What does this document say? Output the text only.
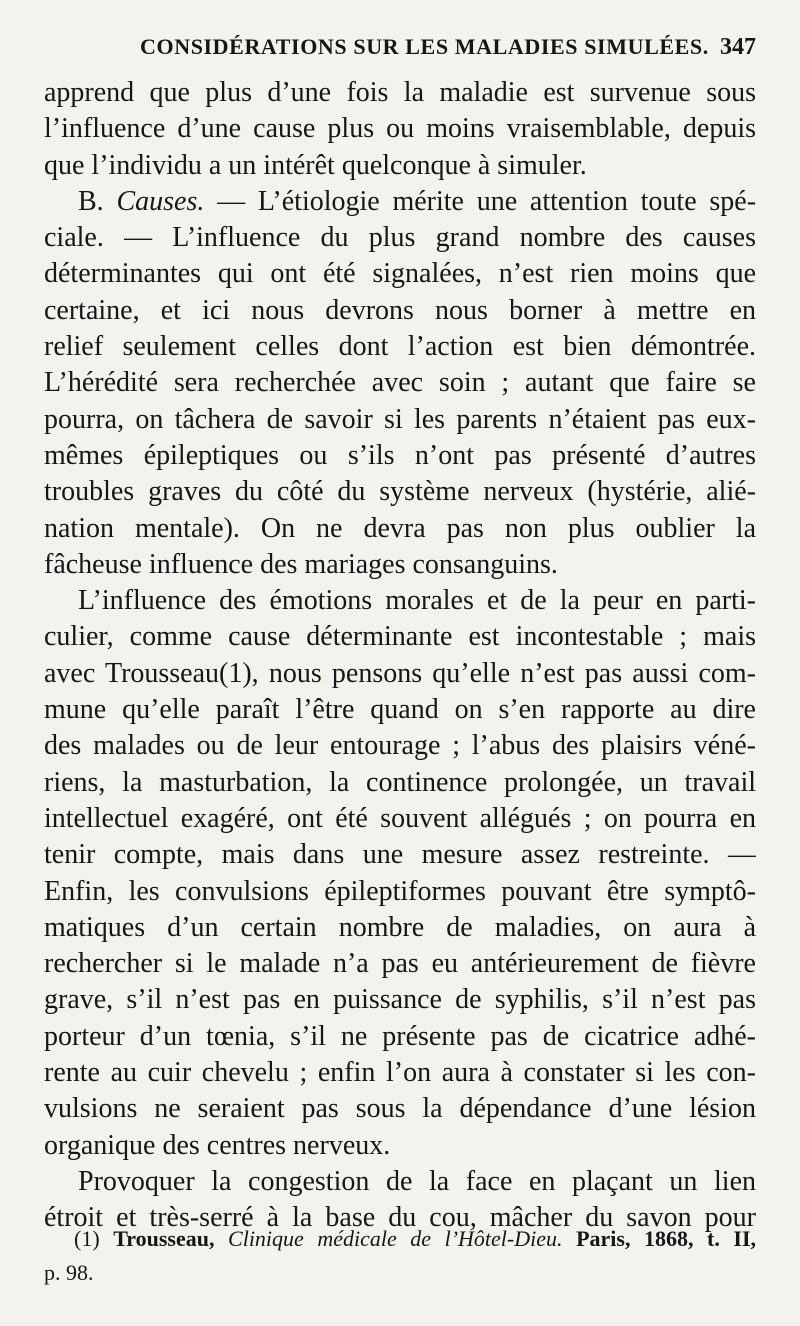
CONSIDÉRATIONS SUR LES MALADIES SIMULÉES. 347
apprend que plus d’une fois la maladie est survenue sous
l’influence d’une cause plus ou moins vraisemblable, depuis
que l’individu a un intérêt quelconque à simuler.
B. Causes. — L’étiologie mérite une attention toute spé-
ciale. — L’influence du plus grand nombre des causes
déterminantes qui ont été signalées, n’est rien moins que
certaine, et ici nous devrons nous borner à mettre en
relief seulement celles dont l’action est bien démontrée.
L’hérédité sera recherchée avec soin ; autant que faire se
pourra, on tâchera de savoir si les parents n’étaient pas eux-
mêmes épileptiques ou s’ils n’ont pas présenté d’autres
troubles graves du côté du système nerveux (hystérie, alié-
nation mentale). On ne devra pas non plus oublier la
fâcheuse influence des mariages consanguins.
L’influence des émotions morales et de la peur en parti-
culier, comme cause déterminante est incontestable ; mais
avec Trousseau(1), nous pensons qu’elle n’est pas aussi com-
mune qu’elle paraît l’être quand on s’en rapporte au dire
des malades ou de leur entourage ; l’abus des plaisirs véné-
riens, la masturbation, la continence prolongée, un travail
intellectuel exagéré, ont été souvent allégués ; on pourra en
tenir compte, mais dans une mesure assez restreinte. —
Enfin, les convulsions épileptiformes pouvant être symptô-
matiques d’un certain nombre de maladies, on aura à
rechercher si le malade n’a pas eu antérieurement de fièvre
grave, s’il n’est pas en puissance de syphilis, s’il n’est pas
porteur d’un tœnia, s’il ne présente pas de cicatrice adhé-
rente au cuir chevelu ; enfin l’on aura à constater si les con-
vulsions ne seraient pas sous la dépendance d’une lésion
organique des centres nerveux.
Provoquer la congestion de la face en plaçant un lien
étroit et très-serré à la base du cou, mâcher du savon pour
(1) Trousseau, Clinique médicale de l’Hôtel-Dieu. Paris, 1868, t. II,
p. 98.
